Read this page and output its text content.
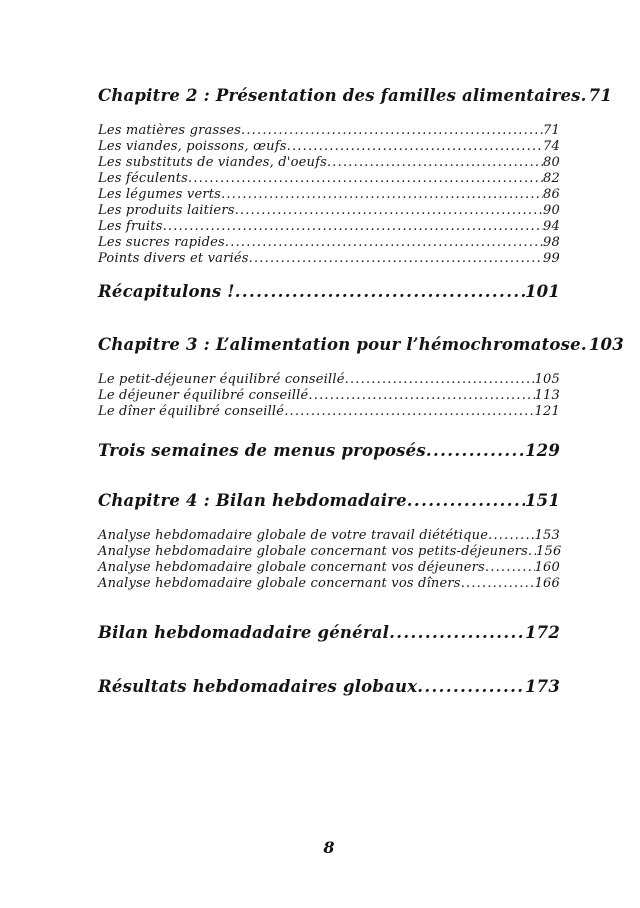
Chapitre 2 : Présentation des familles alimentaires ..... 71
Les matières grasses .....	71
Les viandes, poissons, œufs .....	74
Les substituts de viandes, d'oeufs .....	80
Les féculents .....	82
Les légumes verts .....	86
Les produits laitiers .....	90
Les fruits .....	94
Les sucres rapides .....	98
Points divers et variés .....	99
Récapitulons ! .....	101
Chapitre 3 : L’alimentation pour l’hémochromatose ..... 103
Le petit-déjeuner équilibré conseillé .....	105
Le déjeuner équilibré conseillé .....	113
Le dîner équilibré conseillé .....	121
Trois semaines de menus proposés .....	129
Chapitre 4 : Bilan hebdomadaire .....	151
Analyse hebdomadaire globale de votre travail diététique .....	153
Analyse hebdomadaire globale concernant vos petits-déjeuners ..... 156
Analyse hebdomadaire globale concernant vos déjeuners .....	160
Analyse hebdomadaire globale concernant vos dîners .....	166
Bilan hebdomadadaire général .....	172
Résultats hebdomadaires globaux .....	173
8
